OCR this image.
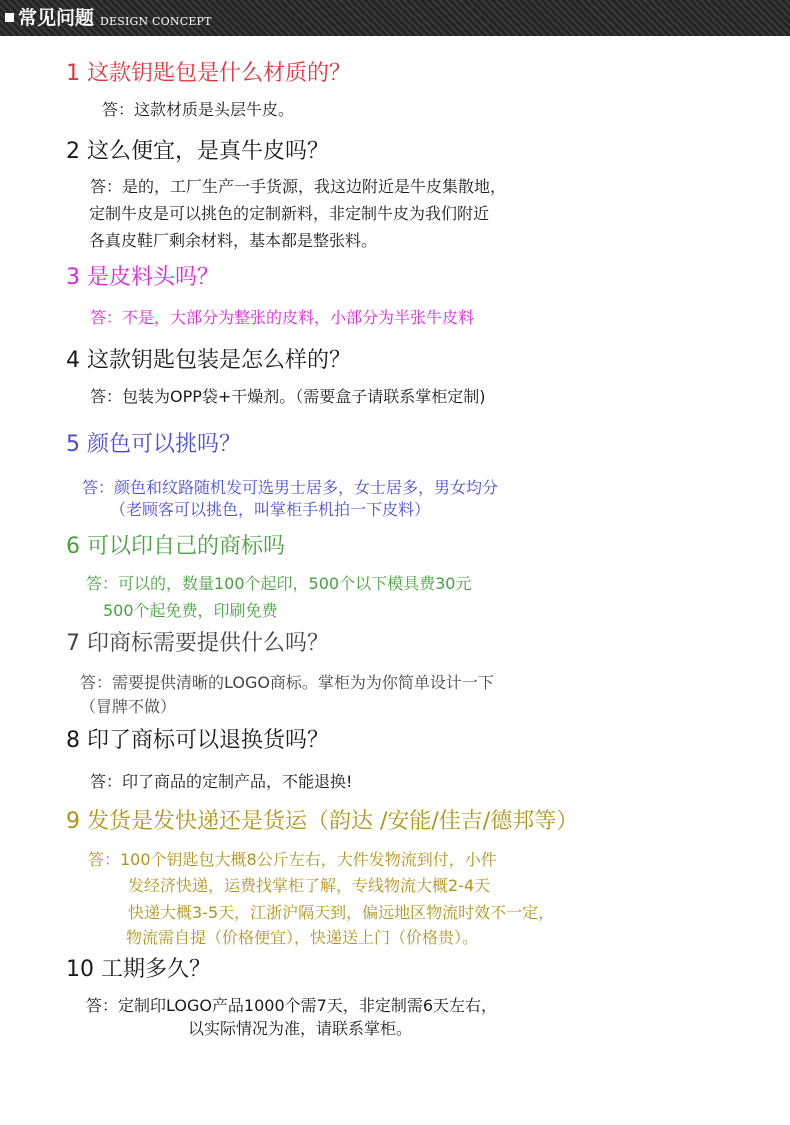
常见问题 DESIGN CONCEPT
1 这款钥匙包是什么材质的？
答：这款材质是头层牛皮。
2 这么便宜，是真牛皮吗？
答：是的，工厂生产一手货源，我这边附近是牛皮集散地，
定制牛皮是可以挑色的定制新料，非定制牛皮为我们附近
各真皮鞋厂剩余材料，基本都是整张料。
3 是皮料头吗？
答：不是，大部分为整张的皮料，小部分为半张牛皮料
4 这款钥匙包装是怎么样的？
答：包装为OPP袋+干燥剂。（需要盒子请联系掌柜定制)
5 颜色可以挑吗？
答：颜色和纹路随机发可选男士居多，女士居多，男女均分
（老顾客可以挑色，叫掌柜手机拍一下皮料）
6 可以印自己的商标吗
答：可以的，数量100个起印，500个以下模具费30元
500个起免费，印刷免费
7 印商标需要提供什么吗？
答：需要提供清晰的LOGO商标。掌柜为为你简单设计一下
（冒牌不做）
8 印了商标可以退换货吗？
答：印了商品的定制产品，不能退换!
9 发货是发快递还是货运（韵达 /安能/佳吉/德邦等）
答：100个钥匙包大概8公斤左右，大件发物流到付，小件
发经济快递，运费找掌柜了解，专线物流大概2-4天
快递大概3-5天，江浙沪隔天到，偏远地区物流时效不一定，
物流需自提（价格便宜），快递送上门（价格贵）。
10 工期多久？
答：定制印LOGO产品1000个需7天，非定制需6天左右，
以实际情况为准，请联系掌柜。
